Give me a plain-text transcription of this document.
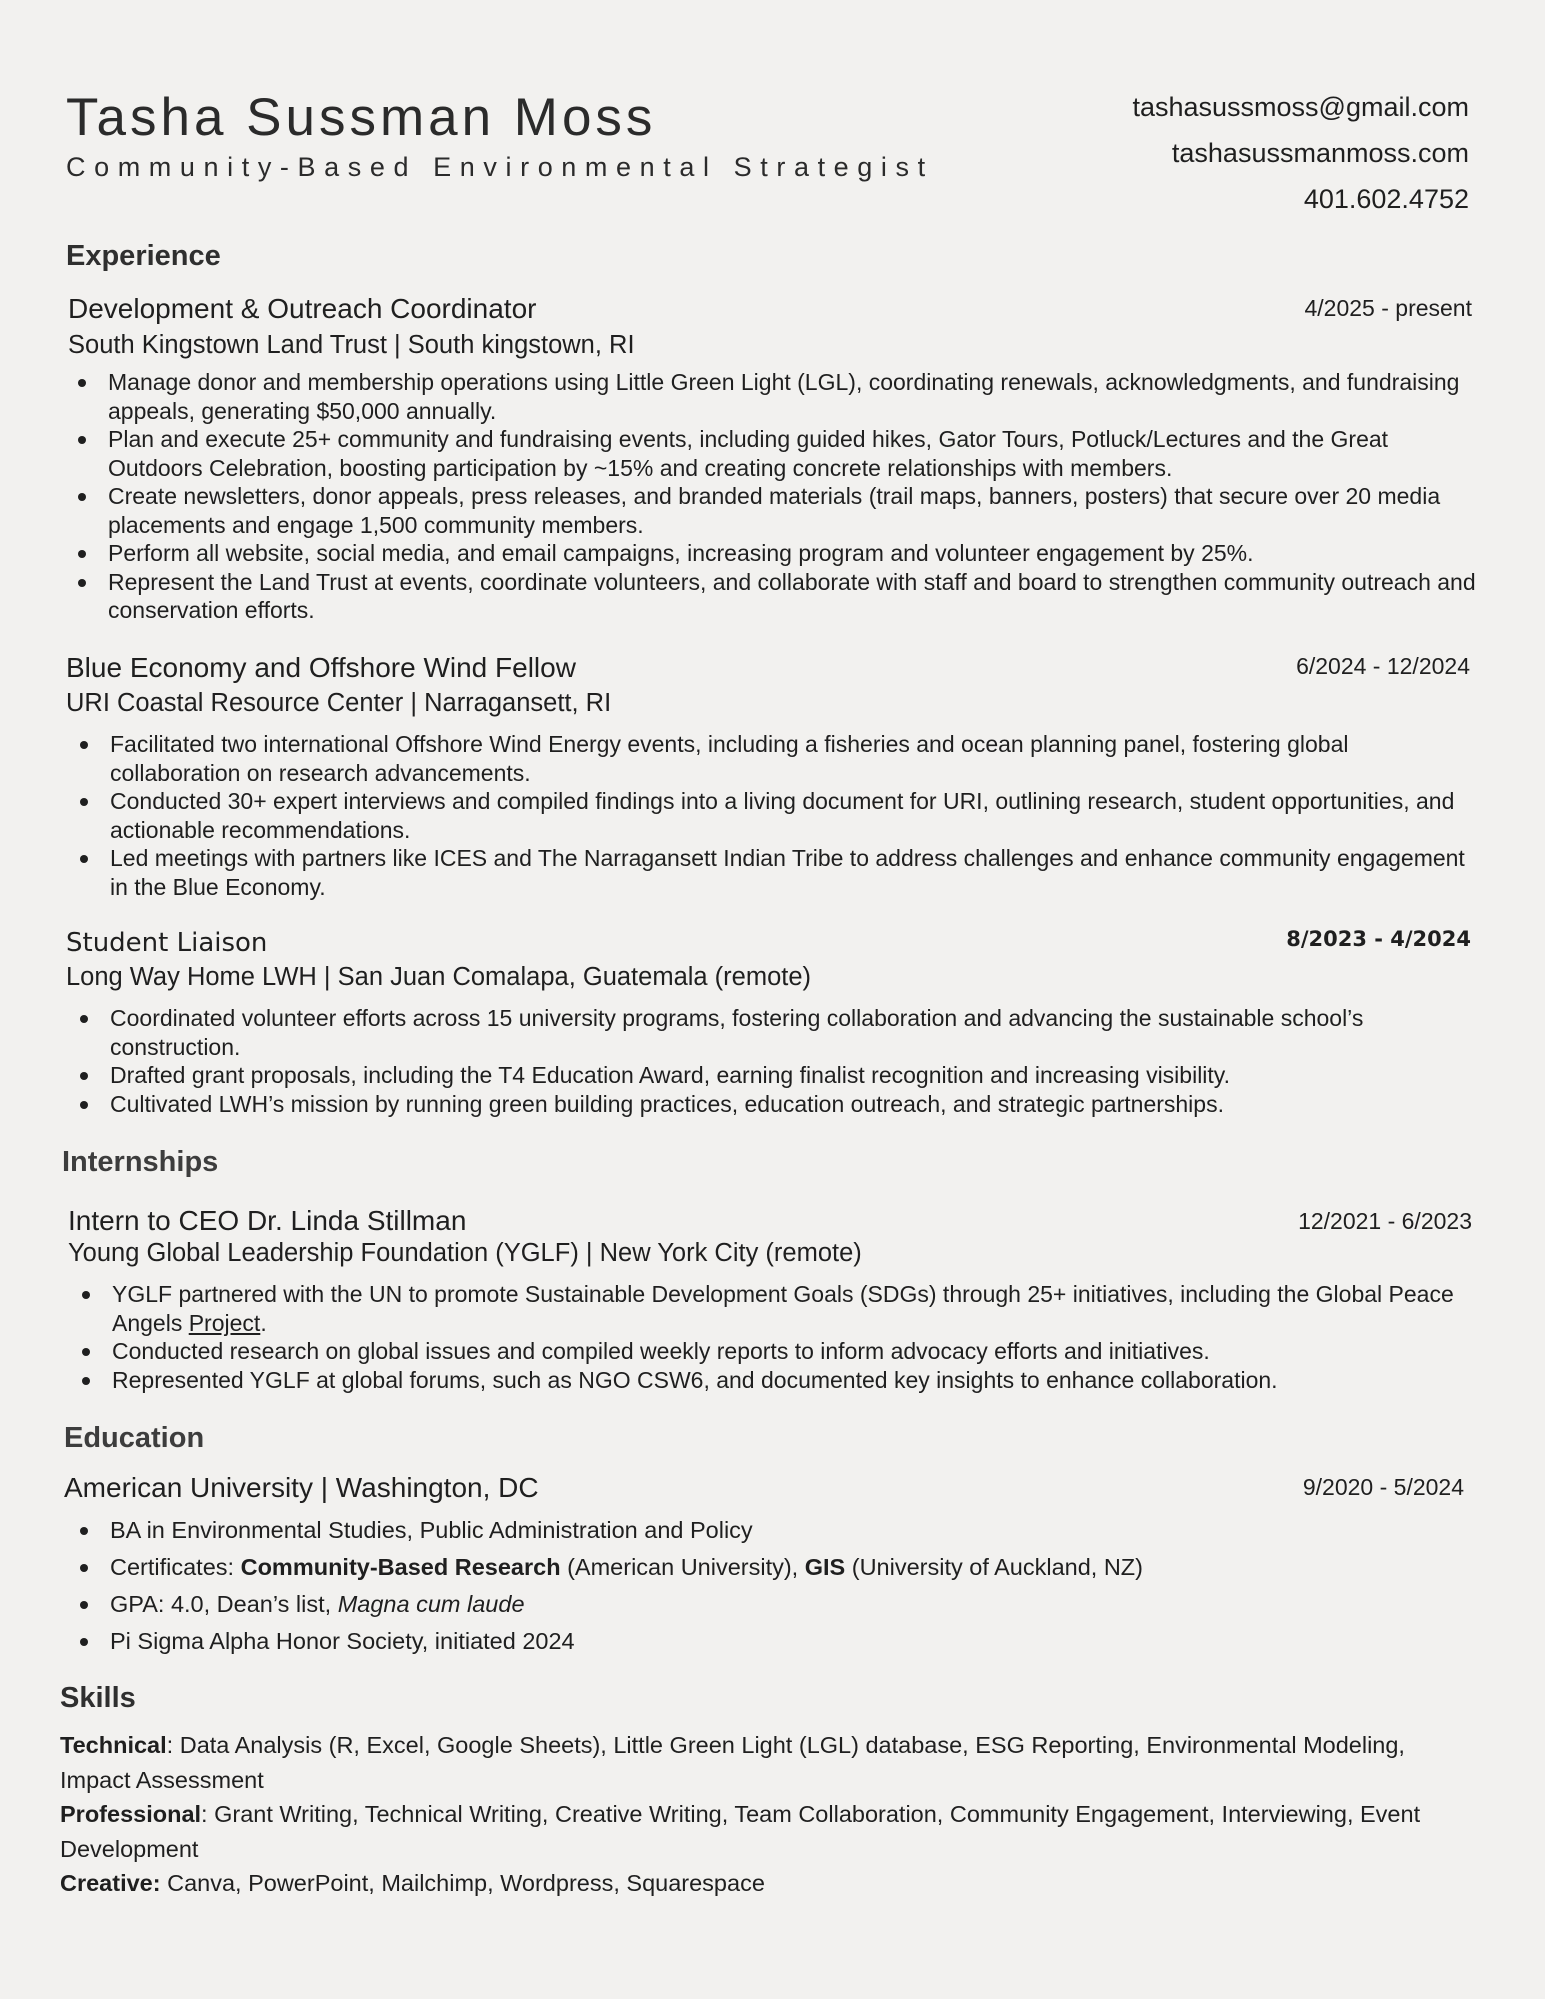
Tasha Sussman Moss
Community-Based Environmental Strategist
tashasussmoss@gmail.com
tashasussmanmoss.com
401.602.4752
Experience
Development & Outreach Coordinator	4/2025 - present
South Kingstown Land Trust | South kingstown, RI
Manage donor and membership operations using Little Green Light (LGL), coordinating renewals, acknowledgments, and fundraising appeals, generating $50,000 annually.
Plan and execute 25+ community and fundraising events, including guided hikes, Gator Tours, Potluck/Lectures and the Great Outdoors Celebration, boosting participation by ~15% and creating concrete relationships with members.
Create newsletters, donor appeals, press releases, and branded materials (trail maps, banners, posters) that secure over 20 media placements and engage 1,500 community members.
Perform all website, social media, and email campaigns, increasing program and volunteer engagement by 25%.
Represent the Land Trust at events, coordinate volunteers, and collaborate with staff and board to strengthen community outreach and conservation efforts.
Blue Economy and Offshore Wind Fellow	6/2024 - 12/2024
URI Coastal Resource Center | Narragansett, RI
Facilitated two international Offshore Wind Energy events, including a fisheries and ocean planning panel, fostering global collaboration on research advancements.
Conducted 30+ expert interviews and compiled findings into a living document for URI, outlining research, student opportunities, and actionable recommendations.
Led meetings with partners like ICES and The Narragansett Indian Tribe to address challenges and enhance community engagement in the Blue Economy.
Student Liaison	8/2023 - 4/2024
Long Way Home LWH | San Juan Comalapa, Guatemala (remote)
Coordinated volunteer efforts across 15 university programs, fostering collaboration and advancing the sustainable school’s construction.
Drafted grant proposals, including the T4 Education Award, earning finalist recognition and increasing visibility.
Cultivated LWH’s mission by running green building practices, education outreach, and strategic partnerships.
Internships
Intern to CEO Dr. Linda Stillman	12/2021 - 6/2023
Young Global Leadership Foundation (YGLF) | New York City (remote)
YGLF partnered with the UN to promote Sustainable Development Goals (SDGs) through 25+ initiatives, including the Global Peace Angels Project.
Conducted research on global issues and compiled weekly reports to inform advocacy efforts and initiatives.
Represented YGLF at global forums, such as NGO CSW6, and documented key insights to enhance collaboration.
Education
American University | Washington, DC	9/2020 - 5/2024
BA in Environmental Studies, Public Administration and Policy
Certificates: Community-Based Research (American University), GIS (University of Auckland, NZ)
GPA: 4.0, Dean’s list, Magna cum laude
Pi Sigma Alpha Honor Society, initiated 2024
Skills

Technical: Data Analysis (R, Excel, Google Sheets), Little Green Light (LGL) database, ESG Reporting, Environmental Modeling, Impact Assessment

Professional: Grant Writing, Technical Writing, Creative Writing, Team Collaboration, Community Engagement, Interviewing, Event Development

Creative: Canva, PowerPoint, Mailchimp, Wordpress, Squarespace
